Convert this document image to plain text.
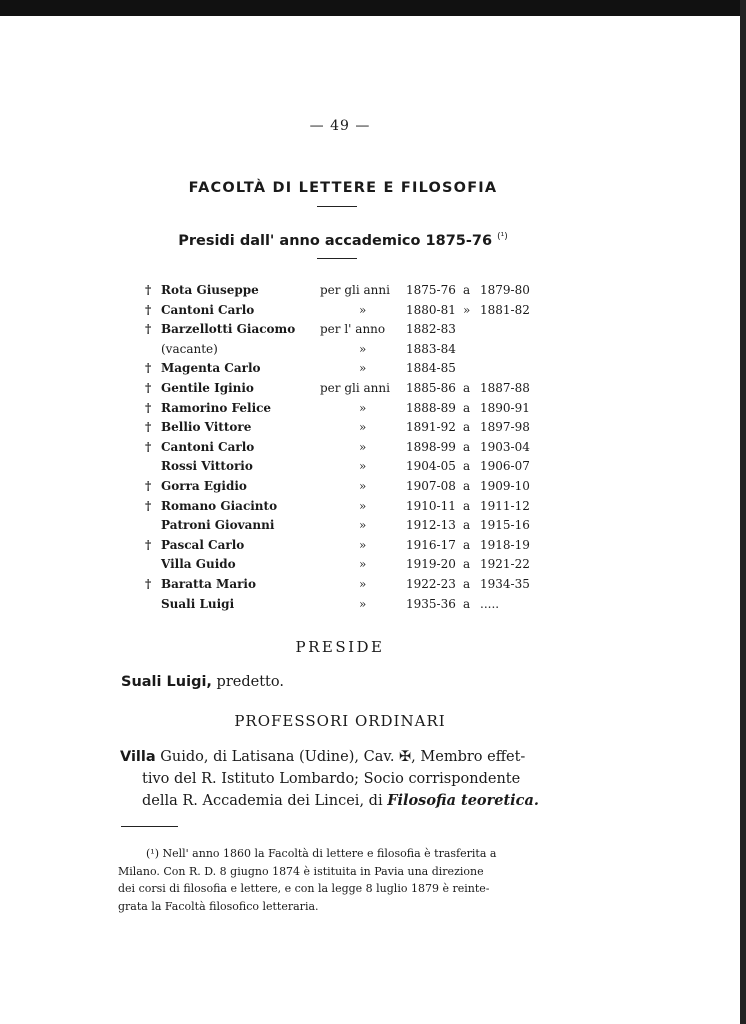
— 49 —
FACOLTÀ DI LETTERE E FILOSOFIA
Presidi dall' anno accademico 1875-76 $^{(^1)}$
† Rota Giuseppe	per gli anni 1875-76 a 1879-80
† Cantoni Carlo	»	1880-81 » 1881-82
† Barzellotti Giacomo per l' anno 1882-83
(vacante)	»	1883-84
† Magenta Carlo	»	1884-85
† Gentile Iginio	per gli anni 1885-86 a 1887-88
† Ramorino Felice	»	1888-89 a 1890-91
† Bellio Vittore	»	1891-92 a 1897-98
† Cantoni Carlo	»	1898-99 a 1903-04
Rossi Vittorio	»	1904-05 a 1906-07
† Gorra Egidio	»	1907-08 a 1909-10
† Romano Giacinto	»	1910-11 a 1911-12
Patroni Giovanni	»	1912-13 a 1915-16
† Pascal Carlo	»	1916-17 a 1918-19
Villa Guido	»	1919-20 a 1921-22
† Baratta Mario	»	1922-23 a 1934-35
Suali Luigi	»	1935-36 a .....
PRESIDE
Suali Luigi, predetto.
PROFESSORI ORDINARI
Villa Guido, di Latisana (Udine), Cav. ✠, Membro effet-
tivo del R. Istituto Lombardo; Socio corrispondente
della R. Accademia dei Lincei, di Filosofia teoretica.
(¹) Nell' anno 1860 la Facoltà di lettere e filosofia è trasferita a
Milano. Con R. D. 8 giugno 1874 è istituita in Pavia una direzione
dei corsi di filosofia e lettere, e con la legge 8 luglio 1879 è reinte-
grata la Facoltà filosofico letteraria.
